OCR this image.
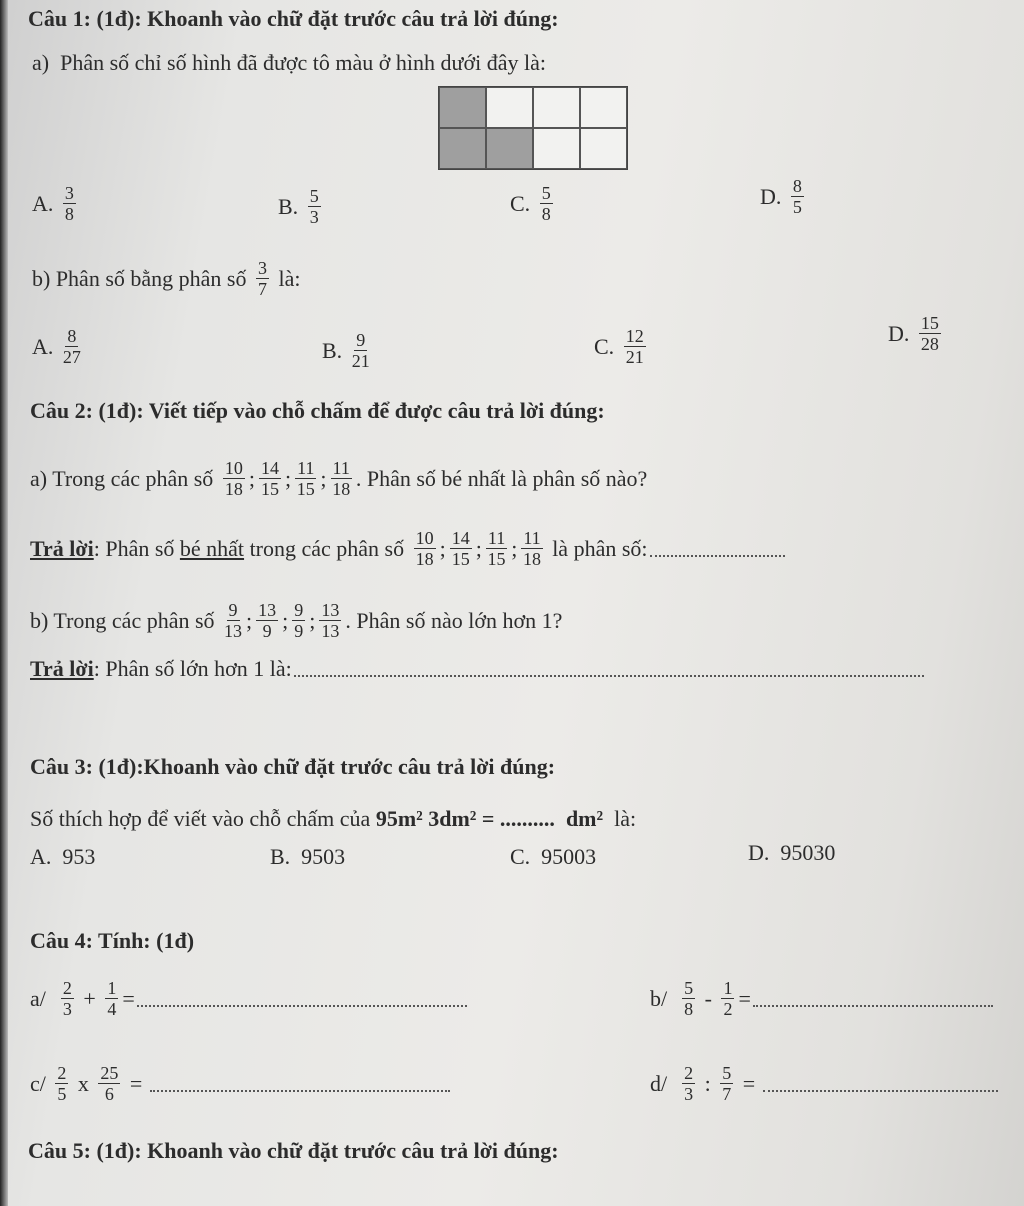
Câu 1: (1đ): Khoanh vào chữ đặt trước câu trả lời đúng:
a)  Phân số chỉ số hình đã được tô màu ở hình dưới đây là:
A. $\frac{3}{8}$	B. $\frac{5}{3}$	C. $\frac{5}{8}$	D. $\frac{8}{5}$
b) Phân số bằng phân số $\frac{3}{7}$ là:
A. $\frac{8}{27}$	B. $\frac{9}{21}$	C. $\frac{12}{21}$	D. $\frac{15}{28}$
Câu 2: (1đ): Viết tiếp vào chỗ chấm để được câu trả lời đúng:
a) Trong các phân số $\frac{10}{18}$ ; $\frac{14}{15}$ ; $\frac{11}{15}$ ; $\frac{11}{18}$ . Phân số bé nhất là phân số nào?
Trả lời : Phân số bé nhất trong các phân số $\frac{10}{18}$ ; $\frac{14}{15}$ ; $\frac{11}{15}$ ; $\frac{11}{18}$ là phân số:
b) Trong các phân số $\frac{9}{13}$ ; $\frac{13}{9}$ ; $\frac{9}{9}$ ; $\frac{13}{13}$ . Phân số nào lớn hơn 1?
Trả lời : Phân số lớn hơn 1 là:
Câu 3: (1đ):Khoanh vào chữ đặt trước câu trả lời đúng:
Số thích hợp để viết vào chỗ chấm của 95m² 3dm² = .......... dm² là:
A.  953	B.  9503	C.  95003	D.  95030
Câu 4: Tính: (1đ)
$a/ \frac{2}{3} + \frac{1}{4}$ =	$b/ \frac{5}{8} - \frac{1}{2}$ =
$c/ \frac{2}{5}$ x $\frac{25}{6}$ =	$d/ \frac{2}{3}$ : $\frac{5}{7}$ =
Câu 5: (1đ): Khoanh vào chữ đặt trước câu trả lời đúng:
